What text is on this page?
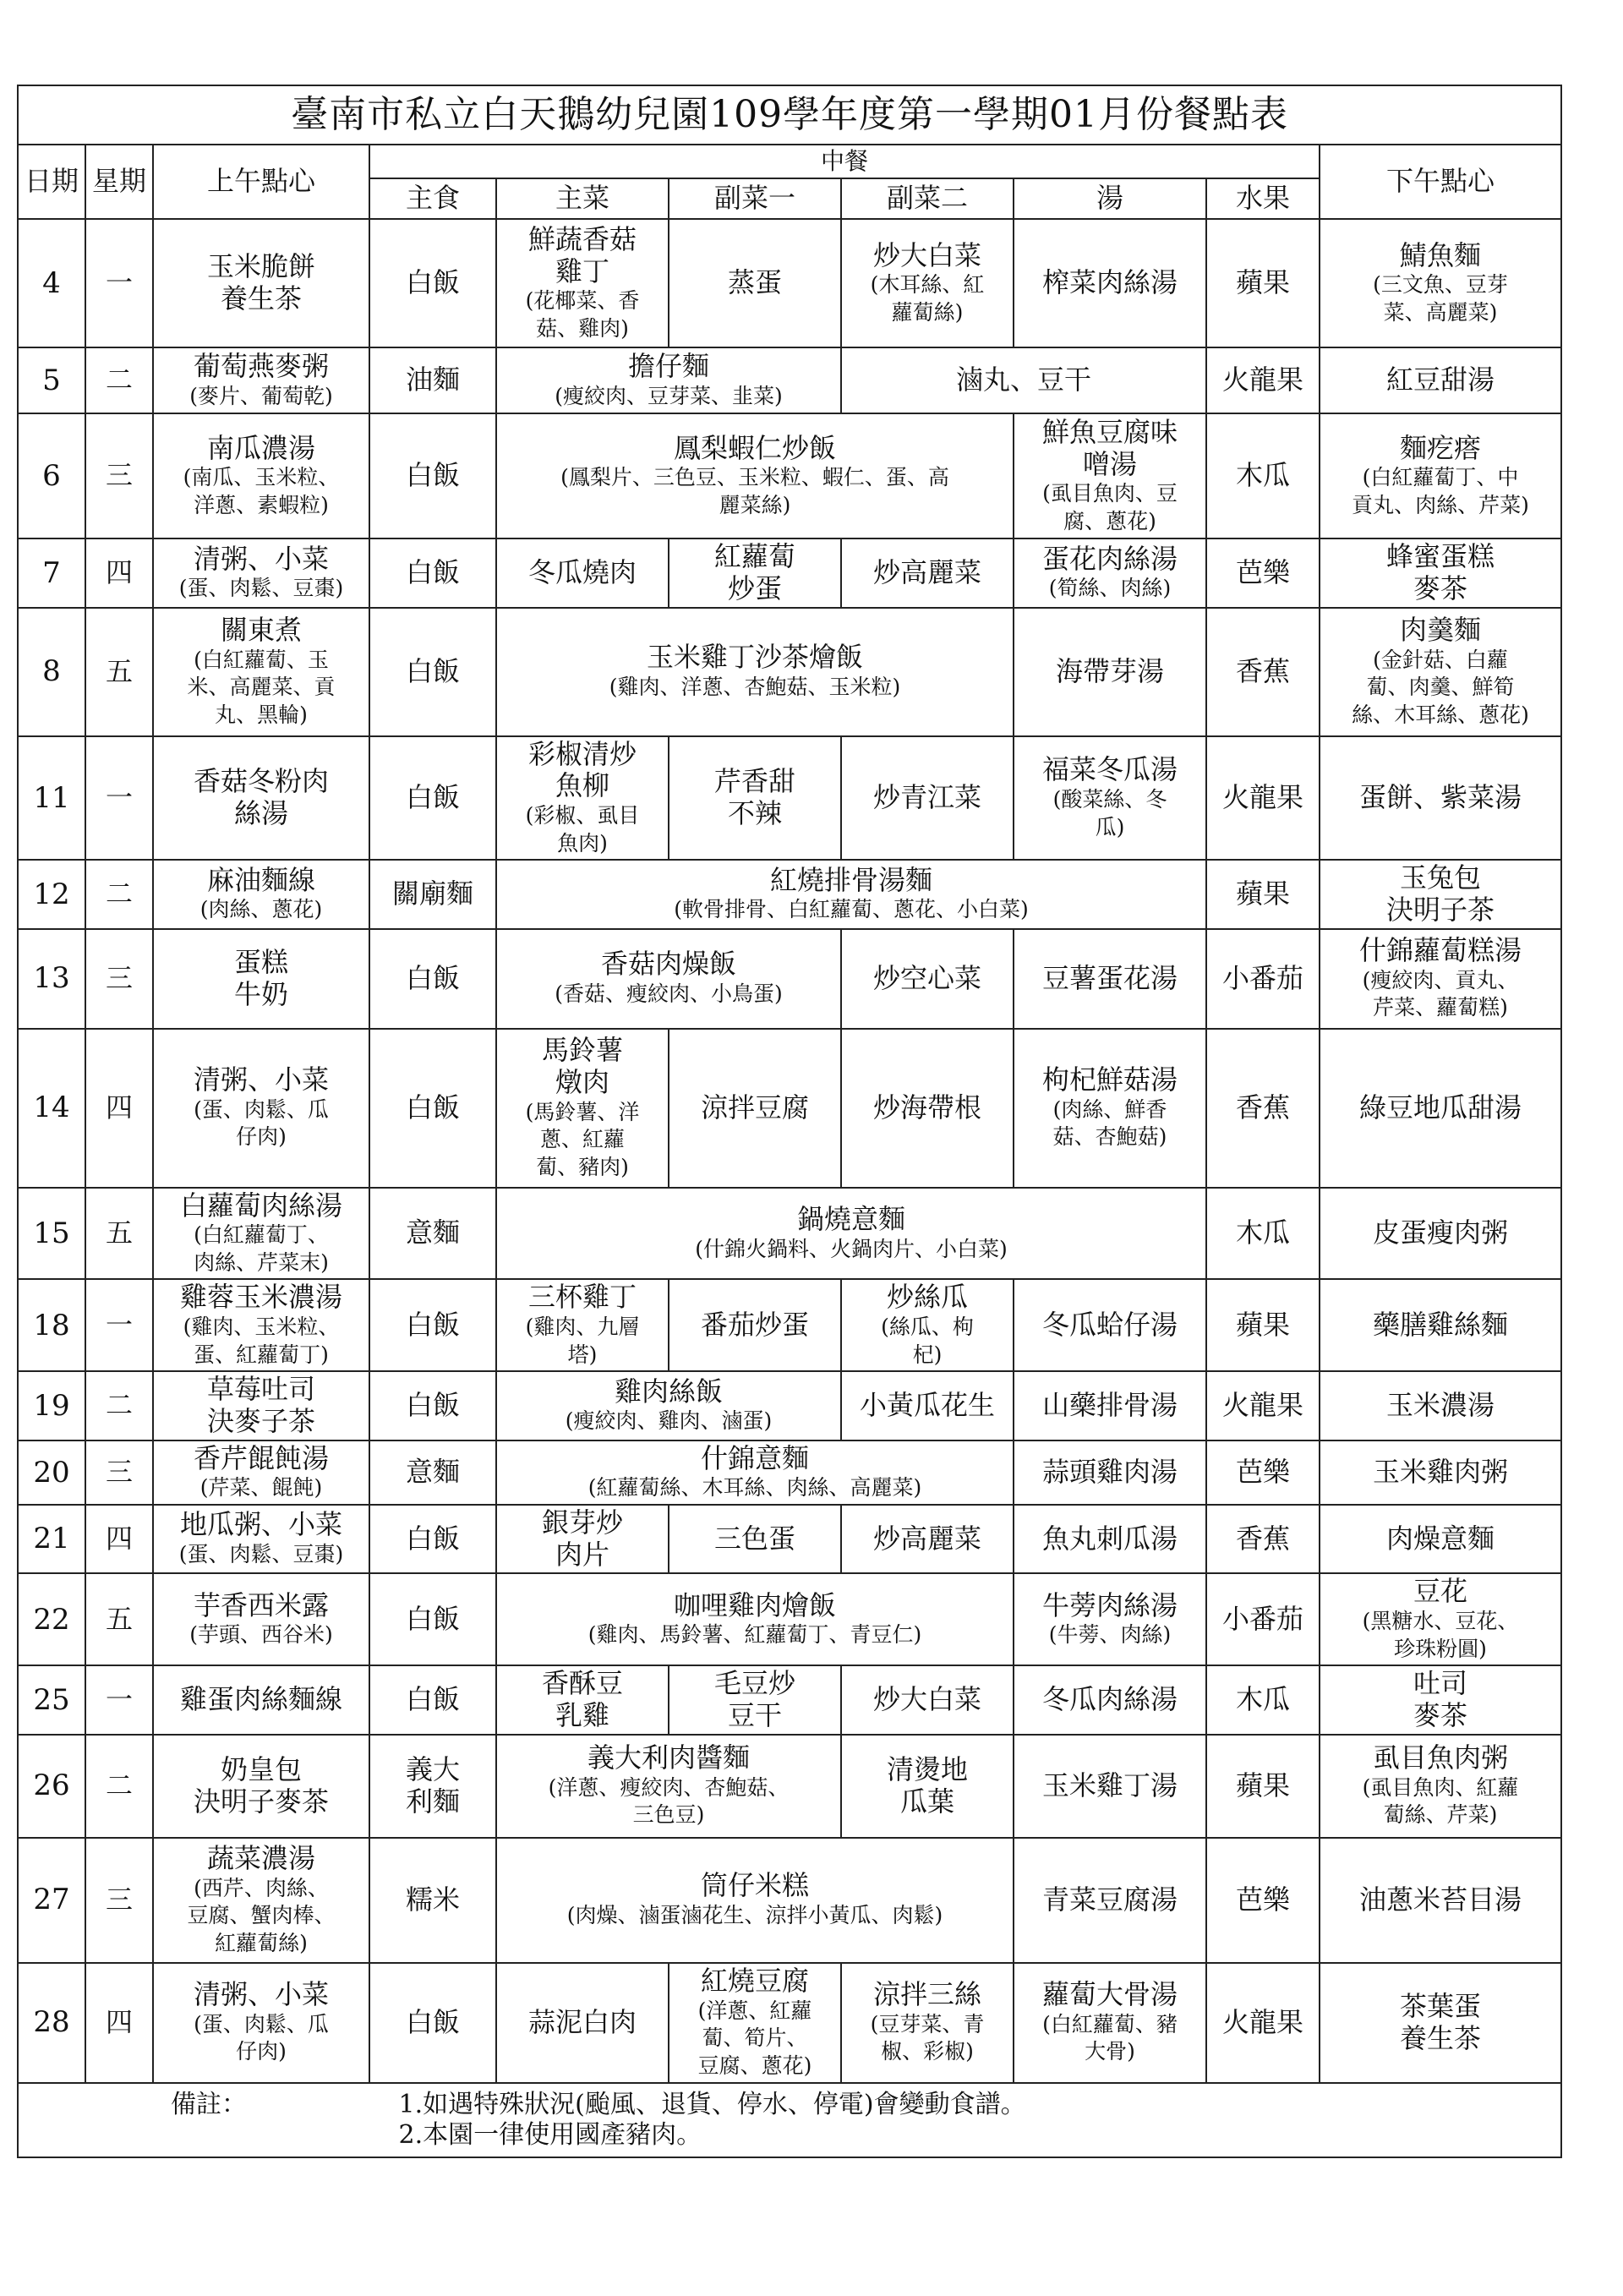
臺南市私立白天鵝幼兒園109學年度第一學期01月份餐點表									

日期	星期	上午點心	中餐						下午點心
			主食	主菜	副菜一	副菜二	湯	水果	
4	一	玉米脆餅
養生茶	白飯	鮮蔬香菇
雞丁
(花椰菜、香
菇、雞肉)	蒸蛋	炒大白菜
(木耳絲、紅
蘿蔔絲)	榨菜肉絲湯	蘋果	鯖魚麵
(三文魚、豆芽
菜、高麗菜)

5	二	葡萄燕麥粥
(麥片、葡萄乾)	油麵	擔仔麵
(瘦絞肉、豆芽菜、韭菜)		滷丸、豆干		火龍果	紅豆甜湯

6	三	南瓜濃湯
(南瓜、玉米粒、
洋蔥、素蝦粒)	白飯	鳳梨蝦仁炒飯
(鳳梨片、三色豆、玉米粒、蝦仁、蛋、高
麗菜絲)			鮮魚豆腐味
噌湯
(虱目魚肉、豆
腐、蔥花)	木瓜	麵疙瘩
(白紅蘿蔔丁、中
貢丸、肉絲、芹菜)

7	四	清粥、小菜
(蛋、肉鬆、豆棗)	白飯	冬瓜燒肉	紅蘿蔔
炒蛋	炒高麗菜	蛋花肉絲湯
(筍絲、肉絲)	芭樂	蜂蜜蛋糕
麥茶

8	五	關東煮
(白紅蘿蔔、玉
米、高麗菜、貢
丸、黑輪)	白飯	玉米雞丁沙茶燴飯
(雞肉、洋蔥、杏鮑菇、玉米粒)			海帶芽湯	香蕉	肉羹麵
(金針菇、白蘿
蔔、肉羹、鮮筍
絲、木耳絲、蔥花)

11	一	香菇冬粉肉
絲湯	白飯	彩椒清炒
魚柳
(彩椒、虱目
魚肉)	芹香甜
不辣	炒青江菜	福菜冬瓜湯
(酸菜絲、冬
瓜)	火龍果	蛋餅、紫菜湯

12	二	麻油麵線
(肉絲、蔥花)	關廟麵	紅燒排骨湯麵
(軟骨排骨、白紅蘿蔔、蔥花、小白菜)				蘋果	玉兔包
決明子茶

13	三	蛋糕
牛奶	白飯	香菇肉燥飯
(香菇、瘦絞肉、小鳥蛋)		炒空心菜	豆薯蛋花湯	小番茄	什錦蘿蔔糕湯
(瘦絞肉、貢丸、
芹菜、蘿蔔糕)

14	四	清粥、小菜
(蛋、肉鬆、瓜
仔肉)	白飯	馬鈴薯
燉肉
(馬鈴薯、洋
蔥、紅蘿
蔔、豬肉)	涼拌豆腐	炒海帶根	枸杞鮮菇湯
(肉絲、鮮香
菇、杏鮑菇)	香蕉	綠豆地瓜甜湯

15	五	白蘿蔔肉絲湯
(白紅蘿蔔丁、
肉絲、芹菜末)	意麵	鍋燒意麵
(什錦火鍋料、火鍋肉片、小白菜)				木瓜	皮蛋瘦肉粥

18	一	雞蓉玉米濃湯
(雞肉、玉米粒、
蛋、紅蘿蔔丁)	白飯	三杯雞丁
(雞肉、九層
塔)	番茄炒蛋	炒絲瓜
(絲瓜、枸
杞)	冬瓜蛤仔湯	蘋果	藥膳雞絲麵

19	二	草莓吐司
決麥子茶	白飯	雞肉絲飯
(瘦絞肉、雞肉、滷蛋)		小黃瓜花生	山藥排骨湯	火龍果	玉米濃湯

20	三	香芹餛飩湯
(芹菜、餛飩)	意麵	什錦意麵
(紅蘿蔔絲、木耳絲、肉絲、高麗菜)			蒜頭雞肉湯	芭樂	玉米雞肉粥

21	四	地瓜粥、小菜
(蛋、肉鬆、豆棗)	白飯	銀芽炒
肉片	三色蛋	炒高麗菜	魚丸刺瓜湯	香蕉	肉燥意麵

22	五	芋香西米露
(芋頭、西谷米)	白飯	咖哩雞肉燴飯
(雞肉、馬鈴薯、紅蘿蔔丁、青豆仁)			牛蒡肉絲湯
(牛蒡、肉絲)	小番茄	豆花
(黑糖水、豆花、
珍珠粉圓)

25	一	雞蛋肉絲麵線	白飯	香酥豆
乳雞	毛豆炒
豆干	炒大白菜	冬瓜肉絲湯	木瓜	吐司
麥茶

26	二	奶皇包
決明子麥茶	義大
利麵	義大利肉醬麵
(洋蔥、瘦絞肉、杏鮑菇、
三色豆)		清燙地
瓜葉	玉米雞丁湯	蘋果	虱目魚肉粥
(虱目魚肉、紅蘿
蔔絲、芹菜)

27	三	蔬菜濃湯
(西芹、肉絲、
豆腐、蟹肉棒、
紅蘿蔔絲)	糯米	筒仔米糕
(肉燥、滷蛋滷花生、涼拌小黃瓜、肉鬆)			青菜豆腐湯	芭樂	油蔥米苔目湯

28	四	清粥、小菜
(蛋、肉鬆、瓜
仔肉)	白飯	蒜泥白肉	紅燒豆腐
(洋蔥、紅蘿
蔔、筍片、
豆腐、蔥花)	涼拌三絲
(豆芽菜、青
椒、彩椒)	蘿蔔大骨湯
(白紅蘿蔔、豬
大骨)	火龍果	茶葉蛋
養生茶

備註： 1.如遇特殊狀況(颱風、退貨、停水、停電)會變動食譜。
2.本園一律使用國產豬肉。									
